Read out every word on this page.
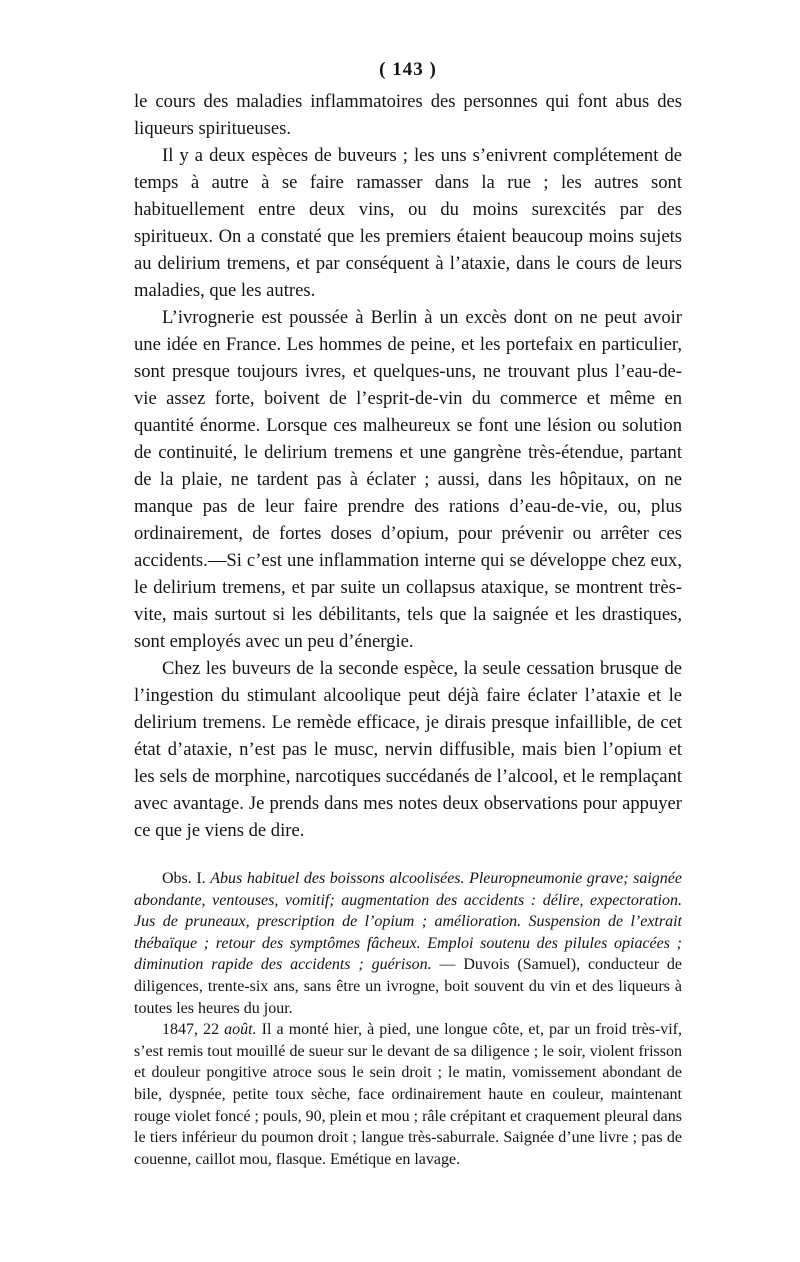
( 143 )

le cours des maladies inflammatoires des personnes qui font abus des liqueurs spiritueuses.

Il y a deux espèces de buveurs ; les uns s’enivrent complétement de temps à autre à se faire ramasser dans la rue ; les autres sont habituellement entre deux vins, ou du moins surexcités par des spiritueux. On a constaté que les premiers étaient beaucoup moins sujets au delirium tremens, et par conséquent à l’ataxie, dans le cours de leurs maladies, que les autres.

L’ivrognerie est poussée à Berlin à un excès dont on ne peut avoir une idée en France. Les hommes de peine, et les portefaix en particulier, sont presque toujours ivres, et quelques-uns, ne trouvant plus l’eau-de-vie assez forte, boivent de l’esprit-de-vin du commerce et même en quantité énorme. Lorsque ces malheureux se font une lésion ou solution de continuité, le delirium tremens et une gangrène très-étendue, partant de la plaie, ne tardent pas à éclater ; aussi, dans les hôpitaux, on ne manque pas de leur faire prendre des rations d’eau-de-vie, ou, plus ordinairement, de fortes doses d’opium, pour prévenir ou arrêter ces accidents.—Si c’est une inflammation interne qui se développe chez eux, le delirium tremens, et par suite un collapsus ataxique, se montrent très-vite, mais surtout si les débilitants, tels que la saignée et les drastiques, sont employés avec un peu d’énergie.

Chez les buveurs de la seconde espèce, la seule cessation brusque de l’ingestion du stimulant alcoolique peut déjà faire éclater l’ataxie et le delirium tremens. Le remède efficace, je dirais presque infaillible, de cet état d’ataxie, n’est pas le musc, nervin diffusible, mais bien l’opium et les sels de morphine, narcotiques succédanés de l’alcool, et le remplaçant avec avantage. Je prends dans mes notes deux observations pour appuyer ce que je viens de dire.

Obs. I. Abus habituel des boissons alcoolisées. Pleuropneumonie grave; saignée abondante, ventouses, vomitif; augmentation des accidents : délire, expectoration. Jus de pruneaux, prescription de l’opium ; amélioration. Suspension de l’extrait thébaïque ; retour des symptômes fâcheux. Emploi soutenu des pilules opiacées ; diminution rapide des accidents ; guérison. — Duvois (Samuel), conducteur de diligences, trente-six ans, sans être un ivrogne, boit souvent du vin et des liqueurs à toutes les heures du jour.

1847, 22 août. Il a monté hier, à pied, une longue côte, et, par un froid très-vif, s’est remis tout mouillé de sueur sur le devant de sa diligence ; le soir, violent frisson et douleur pongitive atroce sous le sein droit ; le matin, vomissement abondant de bile, dyspnée, petite toux sèche, face ordinairement haute en couleur, maintenant rouge violet foncé ; pouls, 90, plein et mou ; râle crépitant et craquement pleural dans le tiers inférieur du poumon droit ; langue très-saburrale. Saignée d’une livre ; pas de couenne, caillot mou, flasque. Emétique en lavage.
